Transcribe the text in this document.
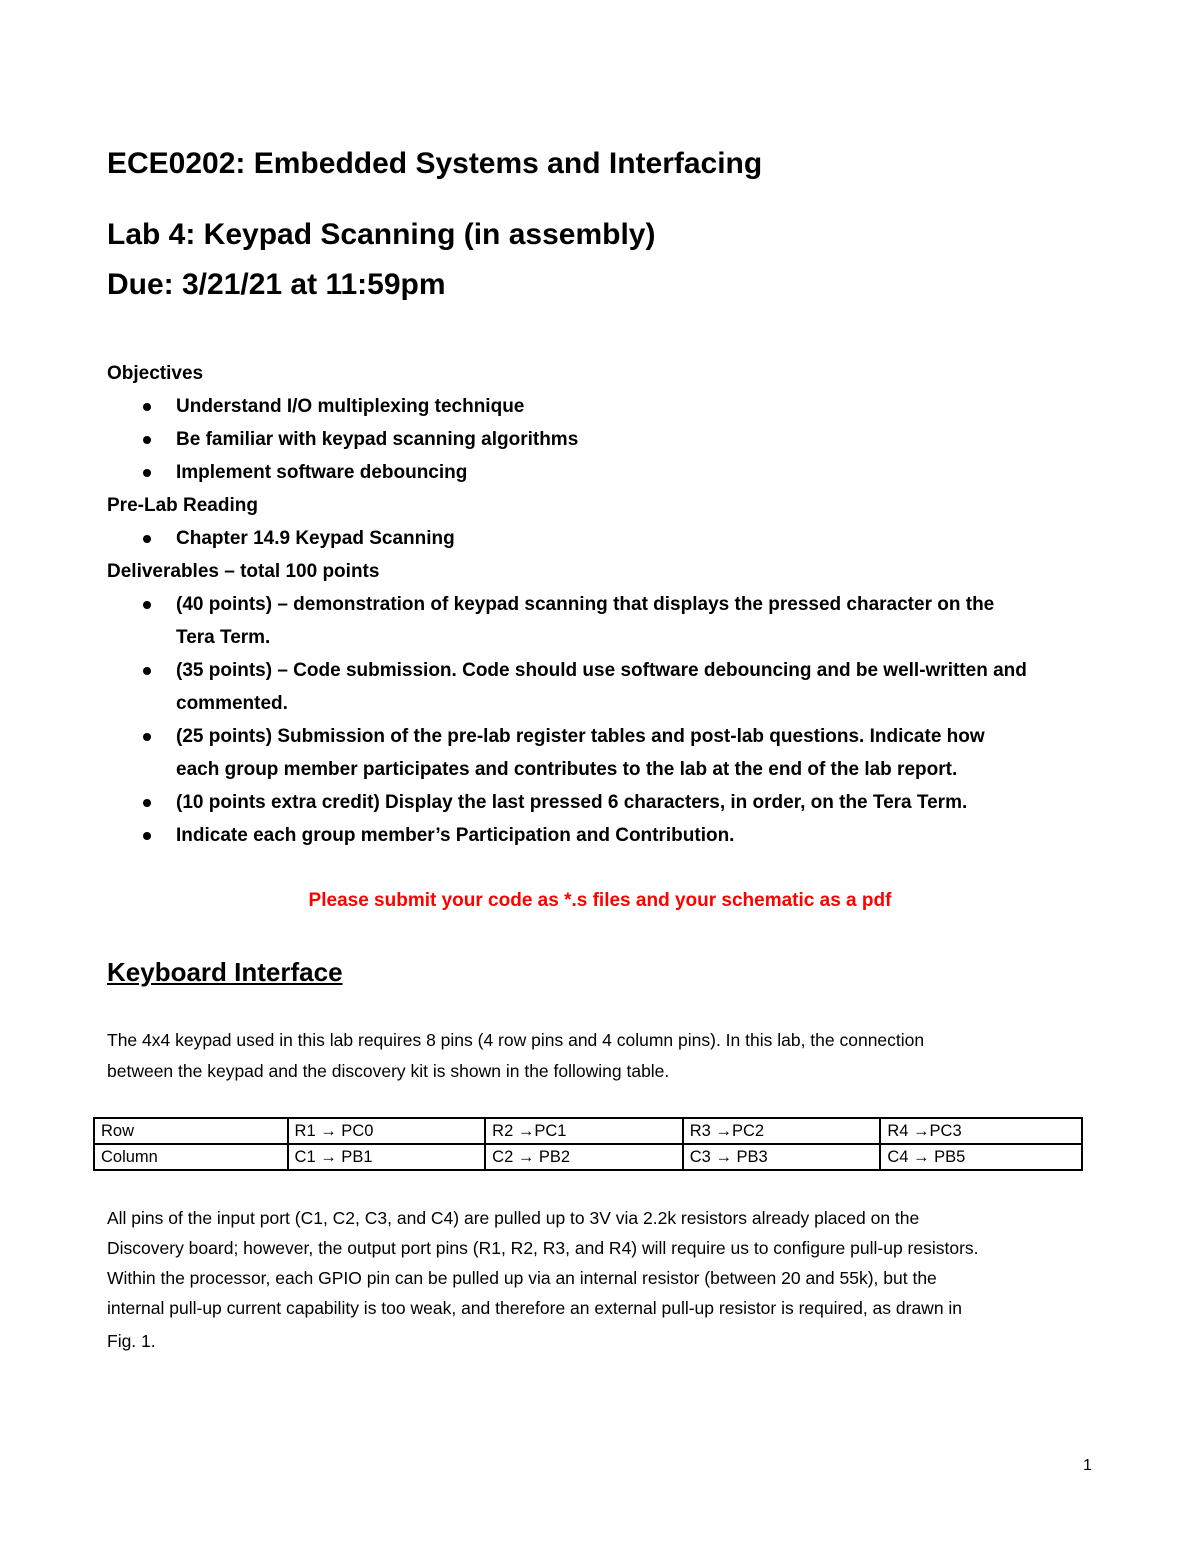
ECE0202: Embedded Systems and Interfacing
Lab 4: Keypad Scanning (in assembly)
Due: 3/21/21 at 11:59pm
Objectives
Understand I/O multiplexing technique
Be familiar with keypad scanning algorithms
Implement software debouncing
Pre-Lab Reading
Chapter 14.9 Keypad Scanning
Deliverables – total 100 points
(40 points) – demonstration of keypad scanning that displays the pressed character on the
Tera Term.
(35 points) – Code submission. Code should use software debouncing and be well-written and
commented.
(25 points) Submission of the pre-lab register tables and post-lab questions. Indicate how
each group member participates and contributes to the lab at the end of the lab report.
(10 points extra credit) Display the last pressed 6 characters, in order, on the Tera Term.
Indicate each group member’s Participation and Contribution.
Please submit your code as *.s files and your schematic as a pdf
Keyboard Interface
The 4x4 keypad used in this lab requires 8 pins (4 row pins and 4 column pins). In this lab, the connection
between the keypad and the discovery kit is shown in the following table.
Row	R1 → PC0	R2 →PC1	R3 →PC2	R4 →PC3
Column	C1 → PB1	C2 → PB2	C3 → PB3	C4 → PB5
All pins of the input port (C1, C2, C3, and C4) are pulled up to 3V via 2.2k resistors already placed on the
Discovery board; however, the output port pins (R1, R2, R3, and R4) will require us to configure pull-up resistors.
Within the processor, each GPIO pin can be pulled up via an internal resistor (between 20 and 55k), but the
internal pull-up current capability is too weak, and therefore an external pull-up resistor is required, as drawn in
Fig. 1.
1
